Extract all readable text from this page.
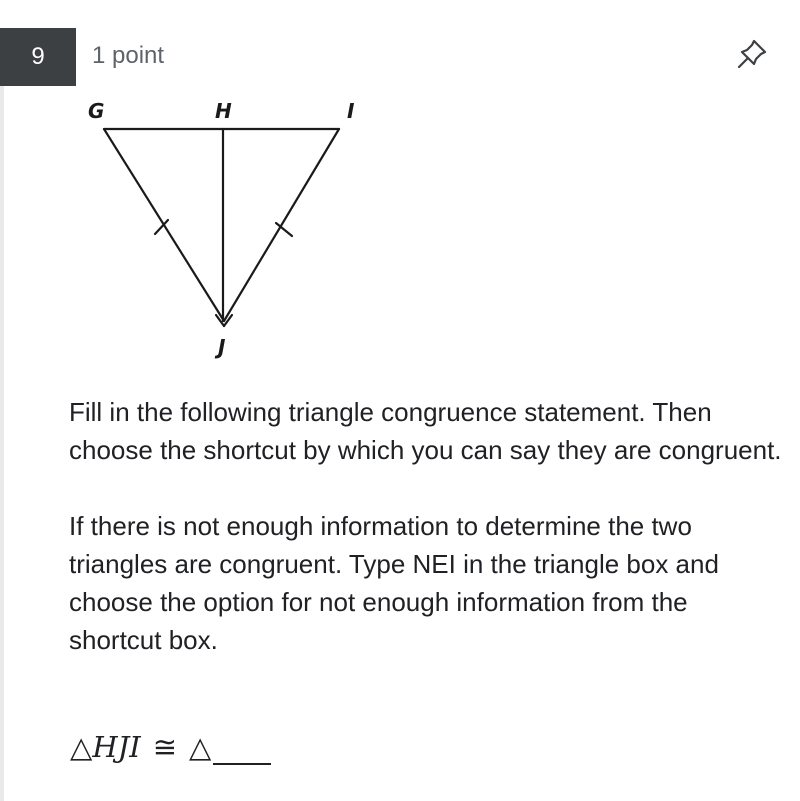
9 1 point
G	H	I
J

Fill in the following triangle congruence statement. Then choose the shortcut by which you can say they are congruent.

If there is not enough information to determine the two triangles are congruent. Type NEI in the triangle box and choose the option for not enough information from the shortcut box.

△ HJI ≅ △
